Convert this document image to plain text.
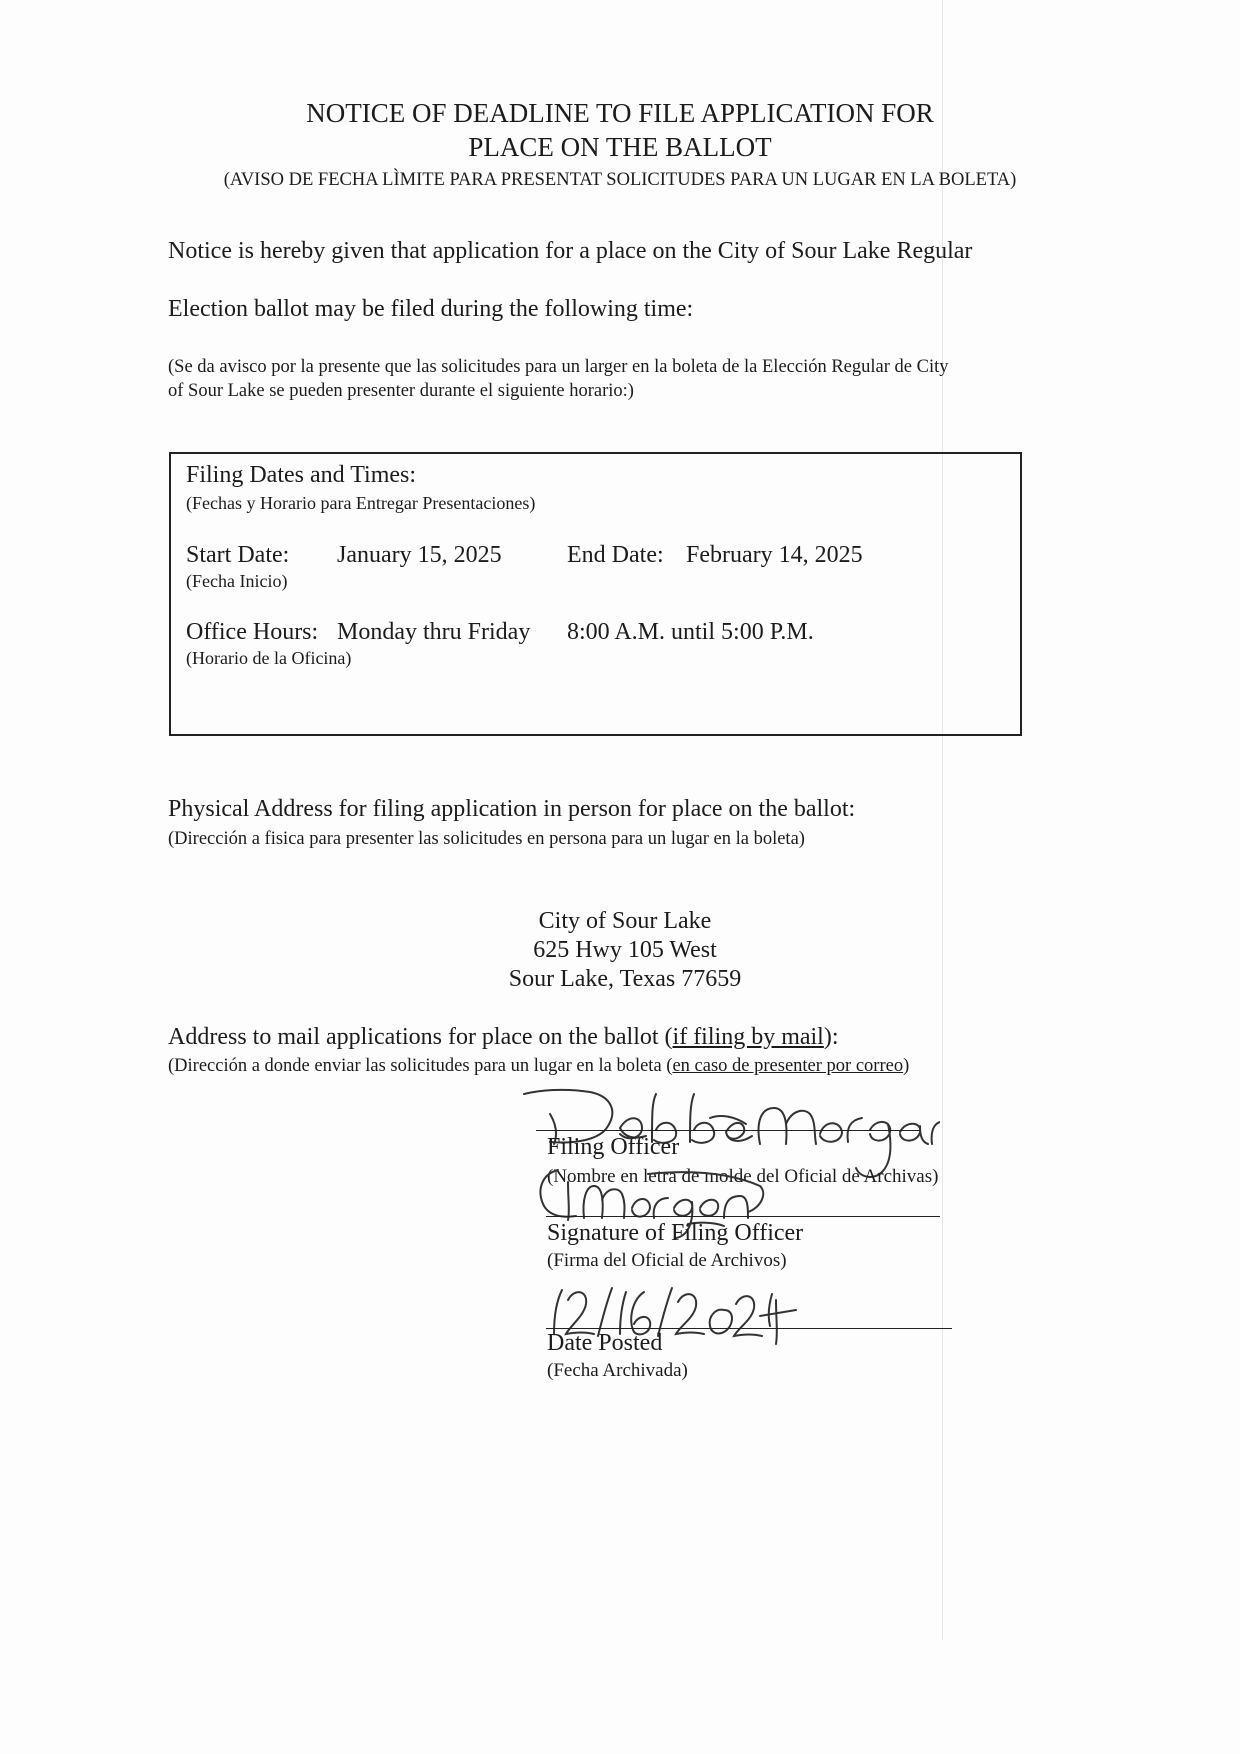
NOTICE OF DEADLINE TO FILE APPLICATION FOR
PLACE ON THE BALLOT
(AVISO DE FECHA LÌMITE PARA PRESENTAT SOLICITUDES PARA UN LUGAR EN LA BOLETA)
Notice is hereby given that application for a place on the City of Sour Lake Regular
Election ballot may be filed during the following time:
(Se da avisco por la presente que las solicitudes para un larger en la boleta de la Elección Regular de City
of Sour Lake se pueden presenter durante el siguiente horario:)
Filing Dates and Times:
(Fechas y Horario para Entregar Presentaciones)
Start Date:
(Fecha Inicio)
January 15, 2025	End Date: February 14, 2025
Office Hours:
(Horario de la Oficina)
Monday thru Friday 8:00 A.M. until 5:00 P.M.
Physical Address for filing application in person for place on the ballot:
(Dirección a fisica para presenter las solicitudes en persona para un lugar en la boleta)
City of Sour Lake
625 Hwy 105 West
Sour Lake, Texas 77659
Address to mail applications for place on the ballot (if filing by mail):
(Dirección a donde enviar las solicitudes para un lugar en la boleta (en caso de presenter por correo)
Filing Officer
(Nombre en letra de molde del Oficial de Archivas)
Signature of Filing Officer
(Firma del Oficial de Archivos)
Date Posted
(Fecha Archivada)
